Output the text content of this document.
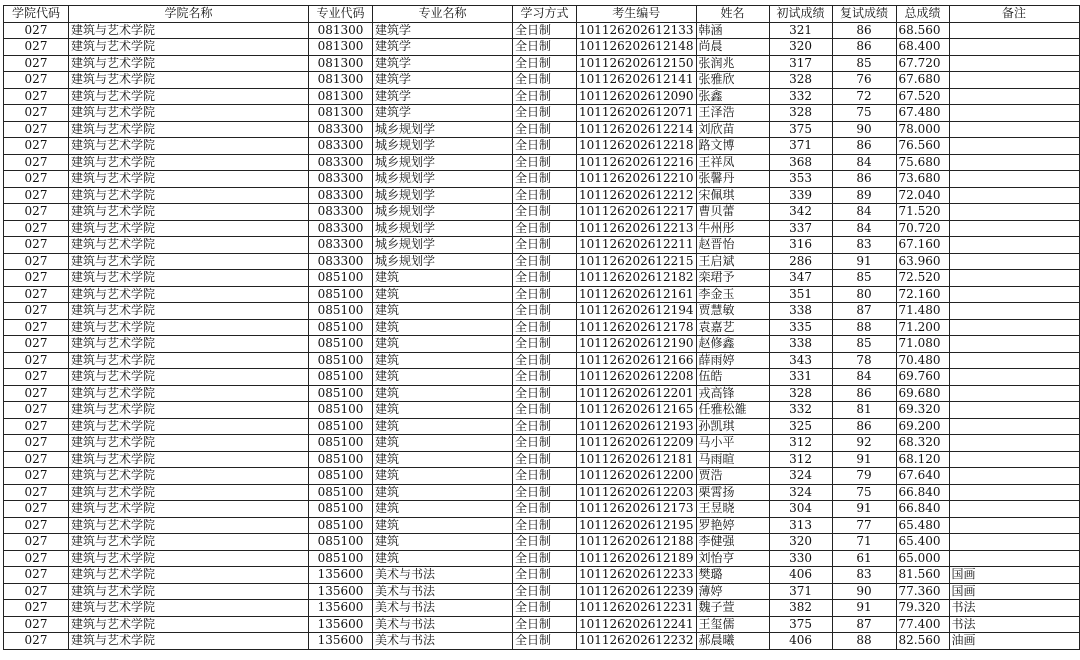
学院代码	学院名称	专业代码	专业名称	学习方式	考生编号	姓名	初试成绩	复试成绩	总成绩	备注
027	建筑与艺术学院	081300	建筑学	全日制	101126202612133	韩涵	321	86	68.560	
027	建筑与艺术学院	081300	建筑学	全日制	101126202612148	尚晨	320	86	68.400	
027	建筑与艺术学院	081300	建筑学	全日制	101126202612150	张润兆	317	85	67.720	
027	建筑与艺术学院	081300	建筑学	全日制	101126202612141	张雅欣	328	76	67.680	
027	建筑与艺术学院	081300	建筑学	全日制	101126202612090	张鑫	332	72	67.520	
027	建筑与艺术学院	081300	建筑学	全日制	101126202612071	王泽浩	328	75	67.480	
027	建筑与艺术学院	083300	城乡规划学	全日制	101126202612214	刘欣苗	375	90	78.000	
027	建筑与艺术学院	083300	城乡规划学	全日制	101126202612218	路文博	371	86	76.560	
027	建筑与艺术学院	083300	城乡规划学	全日制	101126202612216	王祥凤	368	84	75.680	
027	建筑与艺术学院	083300	城乡规划学	全日制	101126202612210	张馨丹	353	86	73.680	
027	建筑与艺术学院	083300	城乡规划学	全日制	101126202612212	宋佩琪	339	89	72.040	
027	建筑与艺术学院	083300	城乡规划学	全日制	101126202612217	曹贝蕾	342	84	71.520	
027	建筑与艺术学院	083300	城乡规划学	全日制	101126202612213	牛州彤	337	84	70.720	
027	建筑与艺术学院	083300	城乡规划学	全日制	101126202612211	赵晋怡	316	83	67.160	
027	建筑与艺术学院	083300	城乡规划学	全日制	101126202612215	王启斌	286	91	63.960	
027	建筑与艺术学院	085100	建筑	全日制	101126202612182	栾珺予	347	85	72.520	
027	建筑与艺术学院	085100	建筑	全日制	101126202612161	李金玉	351	80	72.160	
027	建筑与艺术学院	085100	建筑	全日制	101126202612194	贾慧敏	338	87	71.480	
027	建筑与艺术学院	085100	建筑	全日制	101126202612178	袁嘉艺	335	88	71.200	
027	建筑与艺术学院	085100	建筑	全日制	101126202612190	赵修鑫	338	85	71.080	
027	建筑与艺术学院	085100	建筑	全日制	101126202612166	薛雨婷	343	78	70.480	
027	建筑与艺术学院	085100	建筑	全日制	101126202612208	伍皓	331	84	69.760	
027	建筑与艺术学院	085100	建筑	全日制	101126202612201	戎高锋	328	86	69.680	
027	建筑与艺术学院	085100	建筑	全日制	101126202612165	任雅松雒	332	81	69.320	
027	建筑与艺术学院	085100	建筑	全日制	101126202612193	孙凯琪	325	86	69.200	
027	建筑与艺术学院	085100	建筑	全日制	101126202612209	马小平	312	92	68.320	
027	建筑与艺术学院	085100	建筑	全日制	101126202612181	马雨暄	312	91	68.120	
027	建筑与艺术学院	085100	建筑	全日制	101126202612200	贾浩	324	79	67.640	
027	建筑与艺术学院	085100	建筑	全日制	101126202612203	栗霄扬	324	75	66.840	
027	建筑与艺术学院	085100	建筑	全日制	101126202612173	王昱晓	304	91	66.840	
027	建筑与艺术学院	085100	建筑	全日制	101126202612195	罗艳婷	313	77	65.480	
027	建筑与艺术学院	085100	建筑	全日制	101126202612188	李健强	320	71	65.400	
027	建筑与艺术学院	085100	建筑	全日制	101126202612189	刘怡亨	330	61	65.000	
027	建筑与艺术学院	135600	美术与书法	全日制	101126202612233	樊璐	406	83	81.560	国画
027	建筑与艺术学院	135600	美术与书法	全日制	101126202612239	薄婷	371	90	77.360	国画
027	建筑与艺术学院	135600	美术与书法	全日制	101126202612231	魏子萱	382	91	79.320	书法
027	建筑与艺术学院	135600	美术与书法	全日制	101126202612241	王玺儒	375	87	77.400	书法
027	建筑与艺术学院	135600	美术与书法	全日制	101126202612232	郝晨曦	406	88	82.560	油画
